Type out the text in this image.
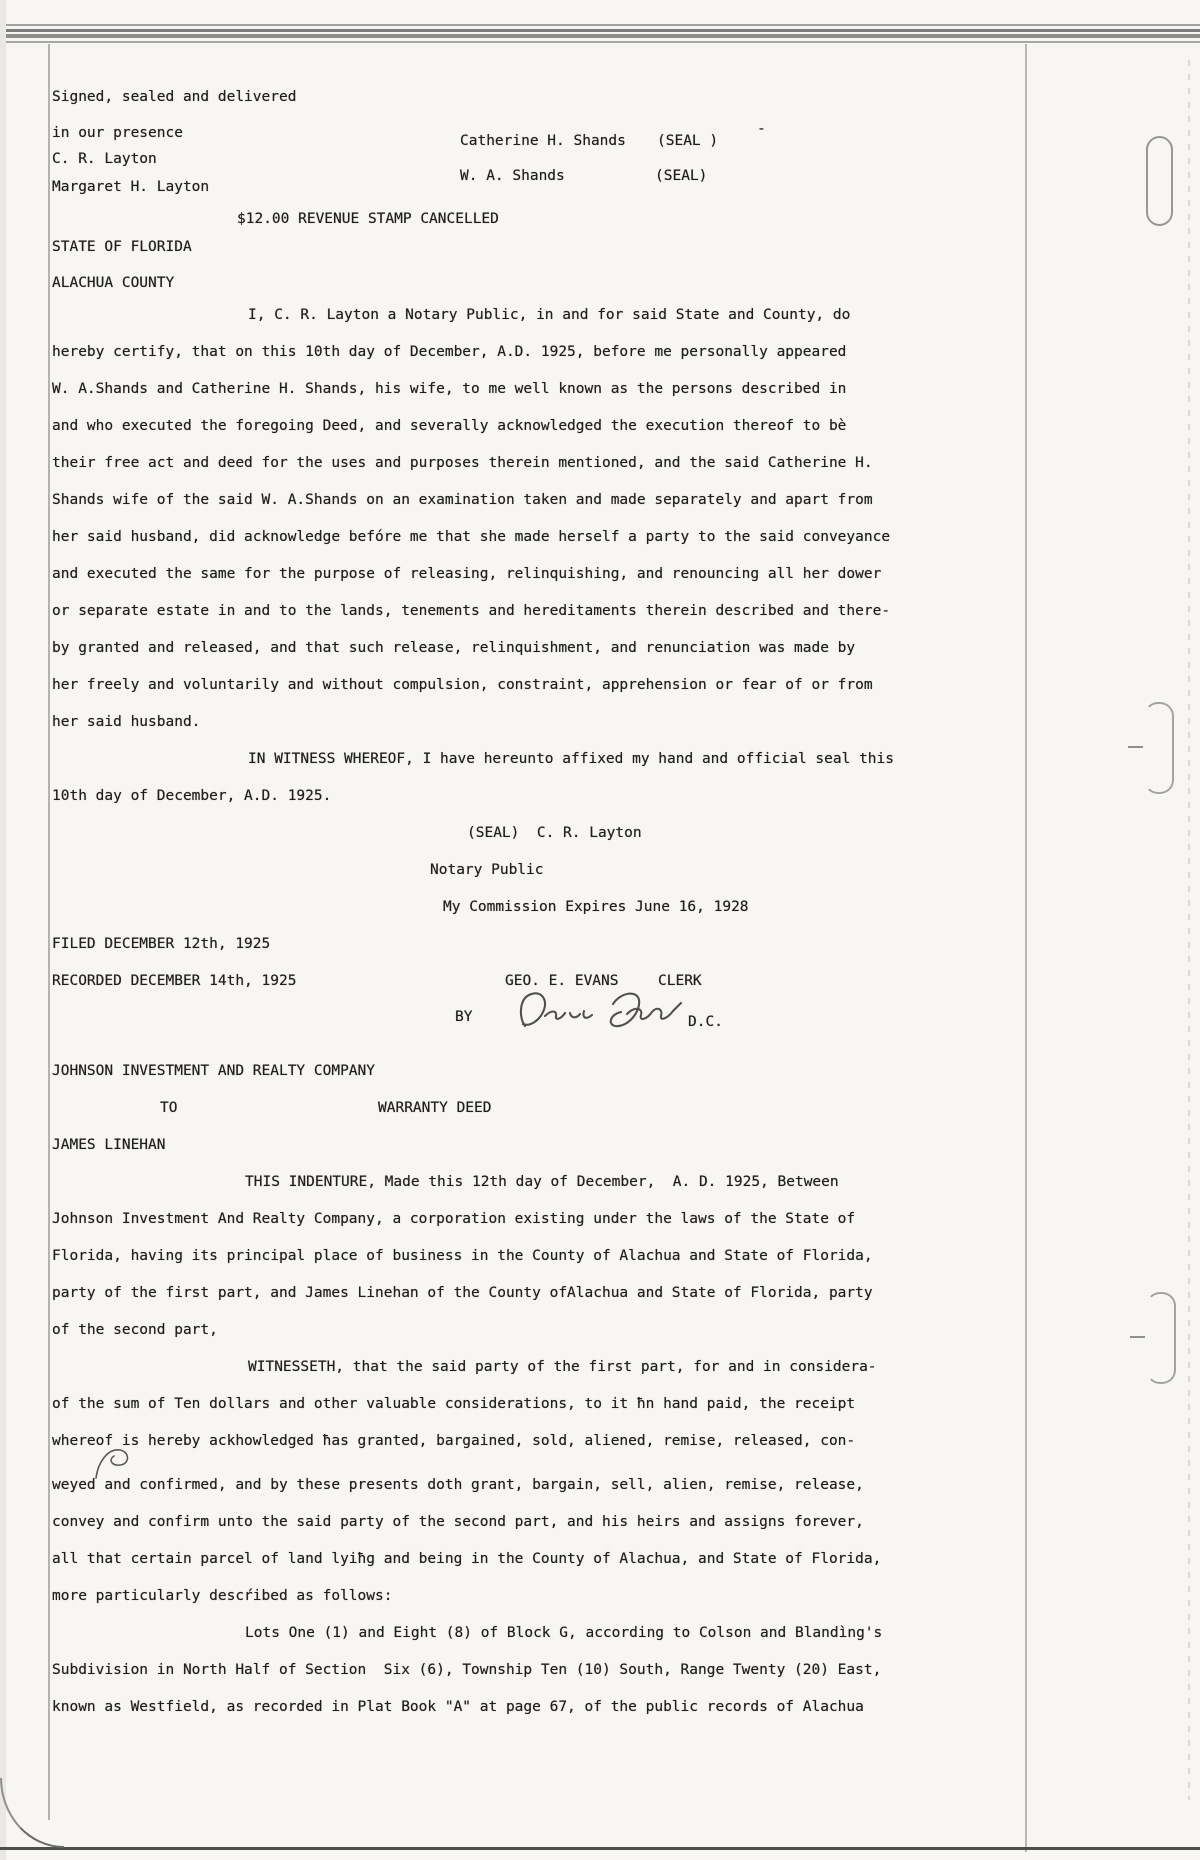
Signed, sealed and delivered
in our presence	Catherine H. Shands (SEAL )
-
C. R. Layton
W. A. Shands	(SEAL)
Margaret H. Layton
$12.00 REVENUE STAMP CANCELLED
STATE OF FLORIDA
ALACHUA COUNTY
I, C. R. Layton a Notary Public, in and for said State and County, do
hereby certify, that on this 10th day of December, A.D. 1925, before me personally appeared
W. A.Shands and Catherine H. Shands, his wife, to me well known as the persons described in
and who executed the foregoing Deed, and severally acknowledged the execution thereof to bè
their free act and deed for the uses and purposes therein mentioned, and the said Catherine H.
Shands wife of the said W. A.Shands on an examination taken and made separately and apart from
her said husband, did acknowledge befóre me that she made herself a party to the said conveyance
and executed the same for the purpose of releasing, relinquishing, and renouncing all her dower
or separate estate in and to the lands, tenements and hereditaments therein described and there-
by granted and released, and that such release, relinquishment, and renunciation was made by
her freely and voluntarily and without compulsion, constraint, apprehension or fear of or from
her said husband.
IN WITNESS WHEREOF, I have hereunto affixed my hand and official seal this
10th day of December, A.D. 1925.
(SEAL)  C. R. Layton
Notary Public
My Commission Expires June 16, 1928
FILED DECEMBER 12th, 1925
RECORDED DECEMBER 14th, 1925	GEO. E. EVANS	CLERK
BY	D.C.
JOHNSON INVESTMENT AND REALTY COMPANY
TO	WARRANTY DEED
JAMES LINEHAN
THIS INDENTURE, Made this 12th day of December,  A. D. 1925, Between
Johnson Investment And Realty Company, a corporation existing under the laws of the State of
Florida, having its principal place of business in the County of Alachua and State of Florida,
party of the first part, and James Linehan of the County ofAlachua and State of Florida, party
of the second part,
WITNESSETH, that the said party of the first part, for and in considera-
of the sum of Ten dollars and other valuable considerations, to it ħn hand paid, the receipt
whereof is hereby ackhowledged ħas granted, bargained, sold, aliened, remise, released, con-
weyed and confirmed, and by these presents doth grant, bargain, sell, alien, remise, release,
convey and confirm unto the said party of the second part, and his heirs and assigns forever,
all that certain parcel of land lyiħg and being in the County of Alachua, and State of Florida,
more particularly descŕibed as follows:
Lots One (1) and Eight (8) of Block G, according to Colson and Blandìng's
Subdivision in North Half of Section  Six (6), Township Ten (10) South, Range Twenty (20) East,
known as Westfield, as recorded in Plat Book "A" at page 67, of the public records of Alachua
